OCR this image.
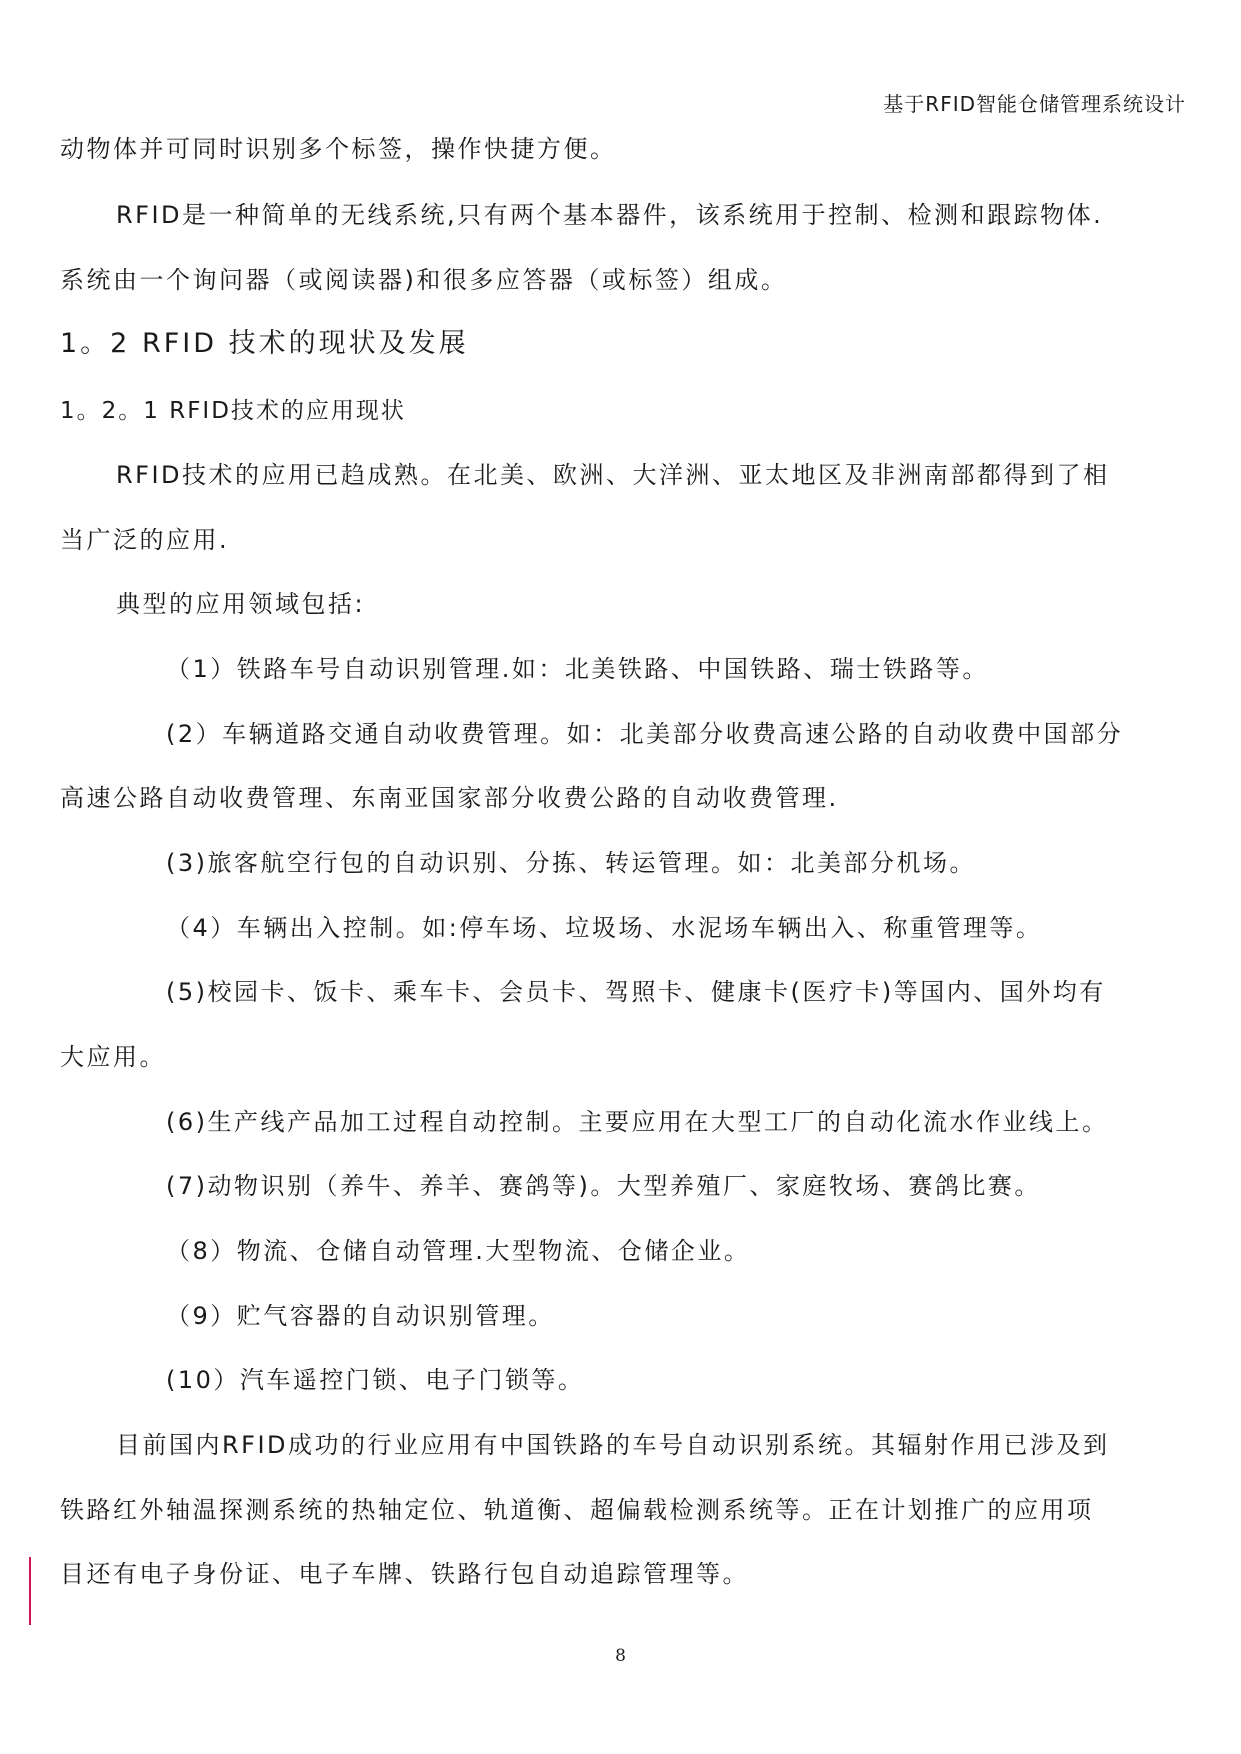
基于RFID智能仓储管理系统设计
动物体并可同时识别多个标签，操作快捷方便。
RFID是一种简单的无线系统,只有两个基本器件，该系统用于控制、检测和跟踪物体.
系统由一个询问器（或阅读器)和很多应答器（或标签）组成。
1。2 RFID 技术的现状及发展
1。2。1 RFID技术的应用现状
RFID技术的应用已趋成熟。在北美、欧洲、大洋洲、亚太地区及非洲南部都得到了相
当广泛的应用.
典型的应用领域包括:
（1）铁路车号自动识别管理.如：北美铁路、中国铁路、瑞士铁路等。
(2）车辆道路交通自动收费管理。如：北美部分收费高速公路的自动收费中国部分
高速公路自动收费管理、东南亚国家部分收费公路的自动收费管理.
(3)旅客航空行包的自动识别、分拣、转运管理。如：北美部分机场。
（4）车辆出入控制。如:停车场、垃圾场、水泥场车辆出入、称重管理等。
(5)校园卡、饭卡、乘车卡、会员卡、驾照卡、健康卡(医疗卡)等国内、国外均有
大应用。
(6)生产线产品加工过程自动控制。主要应用在大型工厂的自动化流水作业线上。
(7)动物识别（养牛、养羊、赛鸽等)。大型养殖厂、家庭牧场、赛鸽比赛。
（8）物流、仓储自动管理.大型物流、仓储企业。
（9）贮气容器的自动识别管理。
(10）汽车遥控门锁、电子门锁等。
目前国内RFID成功的行业应用有中国铁路的车号自动识别系统。其辐射作用已涉及到
铁路红外轴温探测系统的热轴定位、轨道衡、超偏载检测系统等。正在计划推广的应用项
目还有电子身份证、电子车牌、铁路行包自动追踪管理等。
8
